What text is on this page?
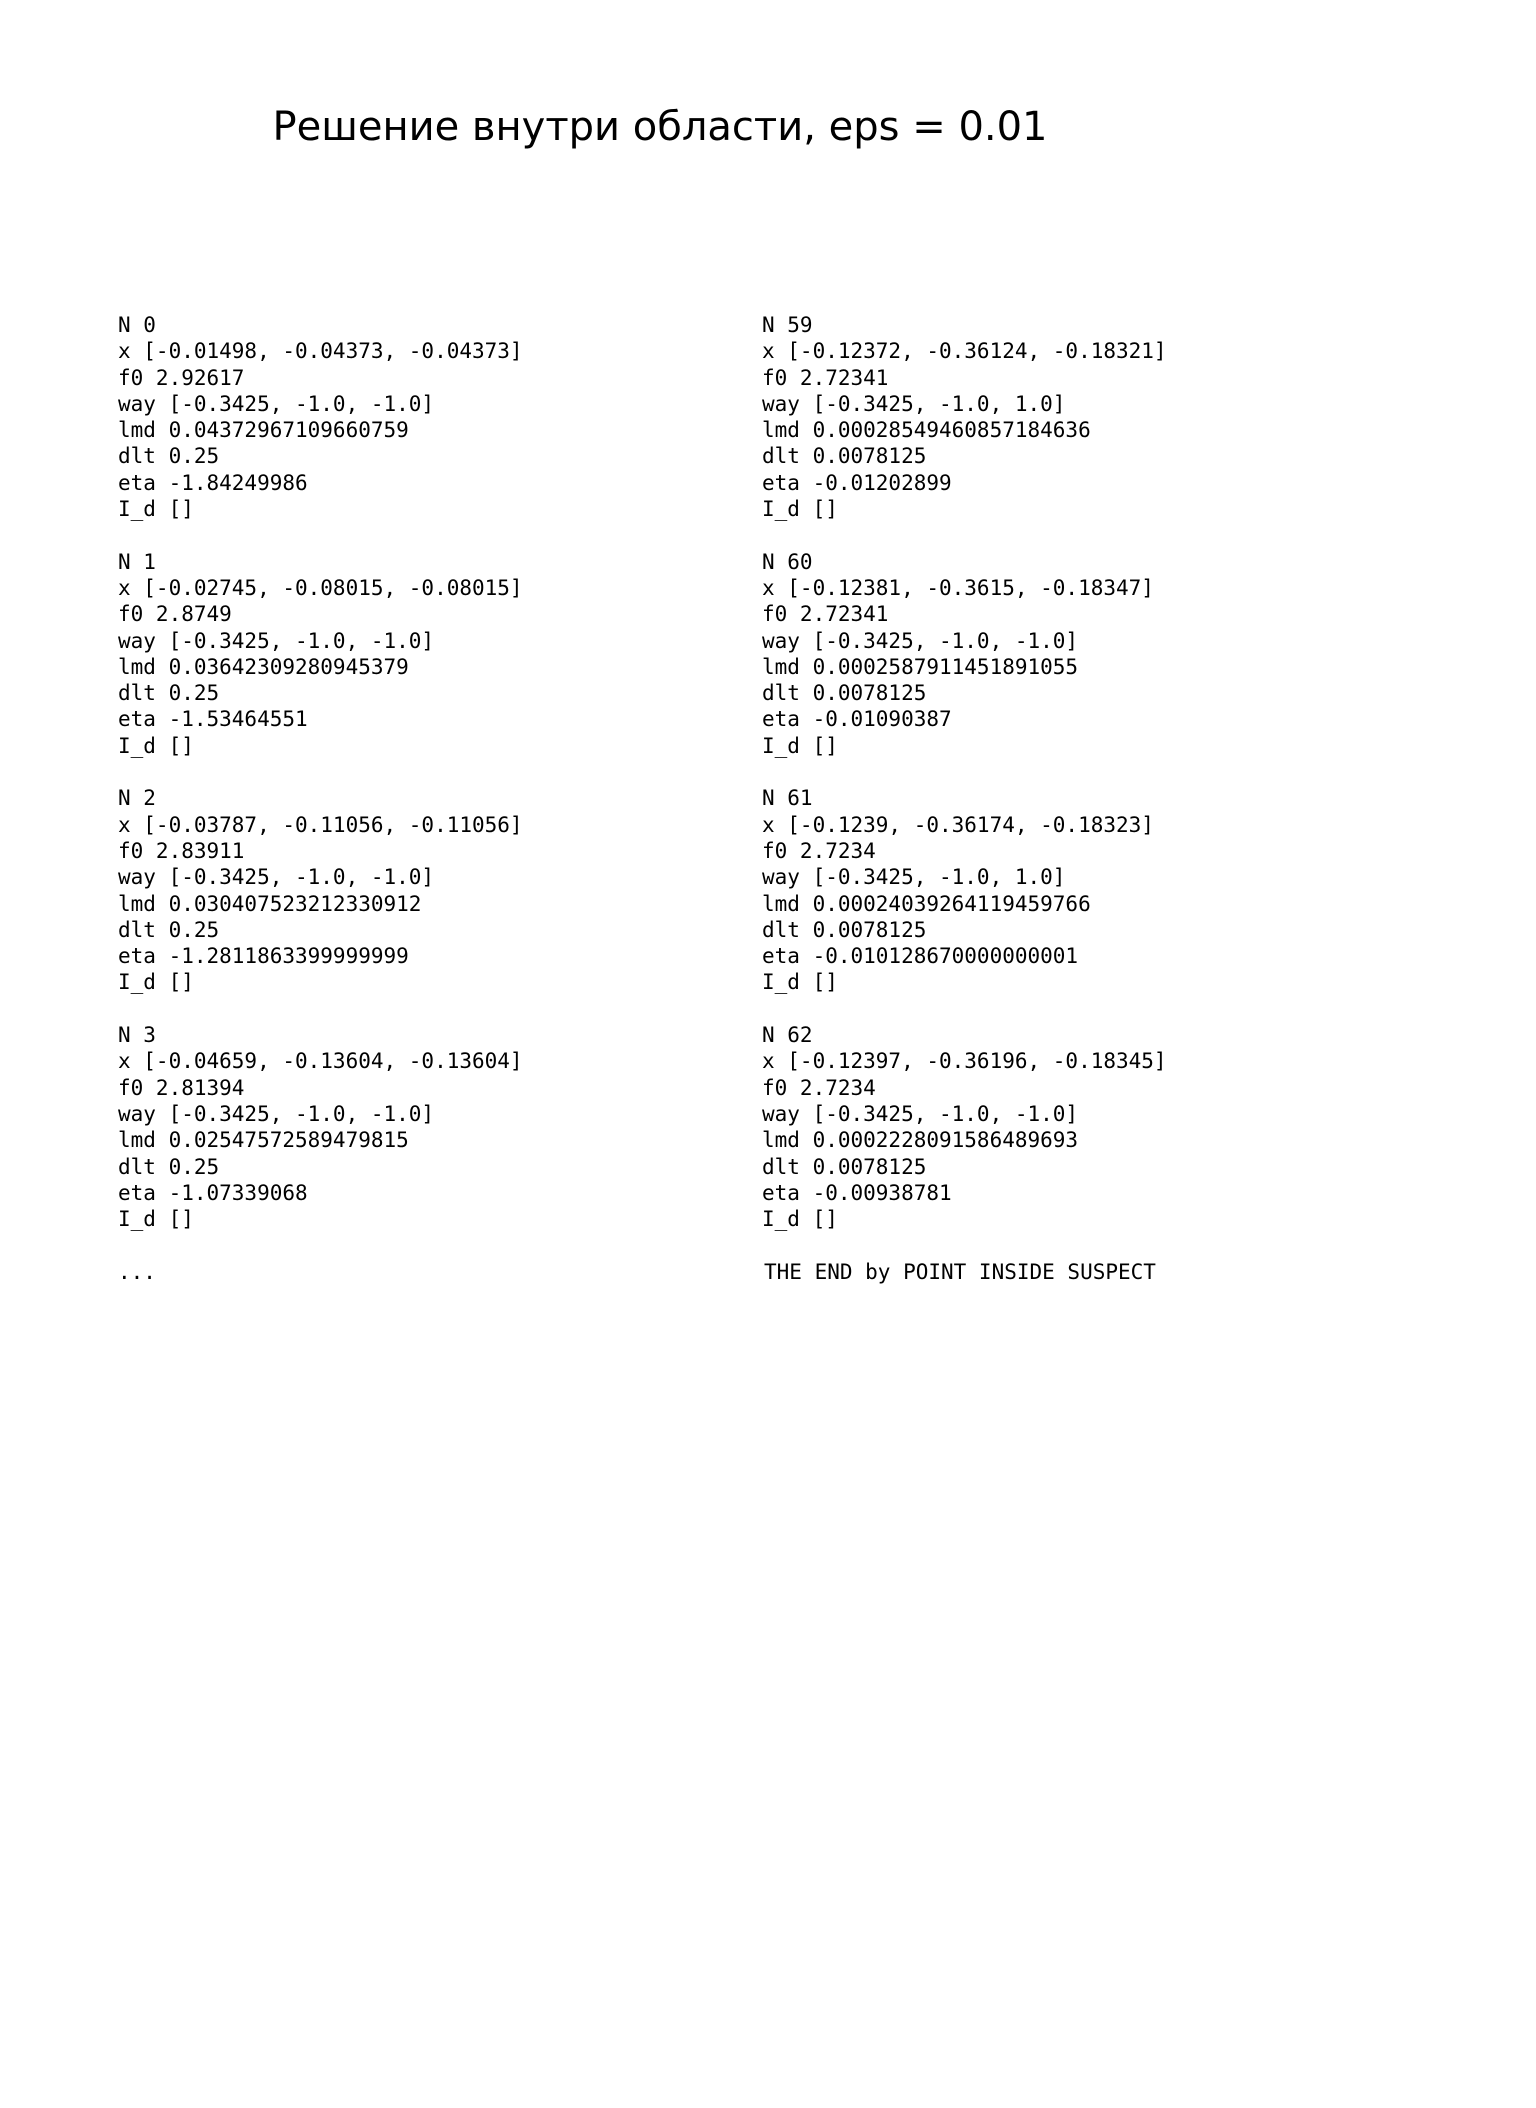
Решение внутри области, eps = 0.01
N 0
x [-0.01498, -0.04373, -0.04373]
f0 2.92617
way [-0.3425, -1.0, -1.0]
lmd 0.04372967109660759
dlt 0.25
eta -1.84249986
I_d []
N 1
x [-0.02745, -0.08015, -0.08015]
f0 2.8749
way [-0.3425, -1.0, -1.0]
lmd 0.03642309280945379
dlt 0.25
eta -1.53464551
I_d []
N 2
x [-0.03787, -0.11056, -0.11056]
f0 2.83911
way [-0.3425, -1.0, -1.0]
lmd 0.030407523212330912
dlt 0.25
eta -1.2811863399999999
I_d []
N 3
x [-0.04659, -0.13604, -0.13604]
f0 2.81394
way [-0.3425, -1.0, -1.0]
lmd 0.02547572589479815
dlt 0.25
eta -1.07339068
I_d []
...
N 59
x [-0.12372, -0.36124, -0.18321]
f0 2.72341
way [-0.3425, -1.0, 1.0]
lmd 0.00028549460857184636
dlt 0.0078125
eta -0.01202899
I_d []
N 60
x [-0.12381, -0.3615, -0.18347]
f0 2.72341
way [-0.3425, -1.0, -1.0]
lmd 0.0002587911451891055
dlt 0.0078125
eta -0.01090387
I_d []
N 61
x [-0.1239, -0.36174, -0.18323]
f0 2.7234
way [-0.3425, -1.0, 1.0]
lmd 0.00024039264119459766
dlt 0.0078125
eta -0.010128670000000001
I_d []
N 62
x [-0.12397, -0.36196, -0.18345]
f0 2.7234
way [-0.3425, -1.0, -1.0]
lmd 0.0002228091586489693
dlt 0.0078125
eta -0.00938781
I_d []
THE END by POINT INSIDE SUSPECT
